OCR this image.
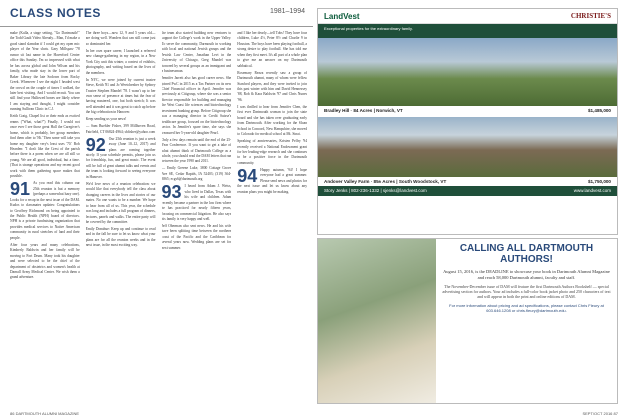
CLASS NOTES	1981–1994

make (Kalla, a stage setting, "Go Dartmouth!" the Todd Gault Video Already... Man, I'd make a good stand slamdon if I could get my open mic player of the Year shots. Gary Millspaw '78 rumor sit last name in the Haverford Center office this Sunday. I'm so impressed with what he has across global and John Wilson and his family, who made stay in the lower part of Baker Library the late Sodown from Rocky Creek. Whenever I see the night I headed west the crowd on the couple of times I walked, the later best visiting. And I would recruit. You can still find your Hallowed bones are likely where I am staying and thought, I might consider running Sullivan Clinic in C.J.

Keith Craig, Chapel list or their ends as excited reams ("What, what?") Finally, I would not once ever I see those great Hall the Caregiver's home, which is probably, her group members find them after to 'Hi.' Then some will take you home my daughter very's least uses '70.' Bob Hearden: "I don't like the Crest of the parish before there is a poem when we are all still so young. We are all good, individual, but a time. (That is strange operations and my recent good work with them gathering space makes that possible.

91 As you read this column our 25th reunion is but a memory (perhaps a somewhat hazy one). Looks for a recap in the next issue of the DAM. Kudos to classmates updates: Congratulations to Geoffrey Richmond on being appointed to the Public Health (NPH) board of directors. NPH is a private fundraising organization that provides medical services to Native American community in rural stretches of land and their people.

After four years and many celebrations, Kimberly Baldwin and her family will be moving to Fort Drum. Many took his daughter and were selected to be the chief of the department of obstetrics and women's health at Darnall Army Medical Center. We wish them a grand adventure.

The three boys—now 12, 9 and 5 years old—are doing well. Wonders that can still come just so dominated her.

In her own spare career, I launched a refereed new change-gathering in my region, in a New York City unit this winter, a contest of exhibits, photography, and writing based on the lives of the members.

In NYC, we were joined by current trustee Steve, Keith '81 and Jo Weetchenber by Sydney Trustee Stephen Mandel '78. I wasn't up to her own sense of presence at times but the fear of having mastered, one, but both stretch; It was well attended and it was great to catch up before the big celebration in Hanover.

Keep sending us your news!

— Sam Buehler Fisher, 399 Millhoven Road, Fairfield, CT 06824-4964; sbfisher@yahoo.com

92 Our 25th reunion is just a week away (June 10–12, 2017) and plans are coming together nicely. If your schedule permits, please join us for friendship, fun, and great music. The event will be full of great alumni talks and events and the team is looking forward to seeing everyone in Hanover.

We'd love news of a reunion celebration: we would like that everybody tell the class about changing careers in the lives and stories of our mates. No one wants to be a number. We hope to hear from all of us. This year, the schedule was long and includes a full program of dinners, lectures, panels and walks. The entire party will be covered by the committee.

Emily Donahue: Keep up and continue to read and in the fall be sure to let us know what your plans are for all the reunion weeks and in the next issue, in the most exciting way.

the team also started building new ventures to support the College's work in the Upper Valley. To serve the community, Darmouth in working with local and national Jewish groups and the Jewish Law Center, Jonathan Levi in the University of Chicago, Greg Mandel was honored by several groups as an immigrant and a businessman.

Jennifer Jarrett also has good career news. She joined PwC in 2015 as a Tax Partner on its new Chief Financial officer in April. Jennifer was previously at Citigroup, where she was a senior director responsible for building and managing the West Coast life sciences and biotechnology investment banking group. Before Citigroup she was a managing director in Credit Suisse's healthcare group, focused on the biotechnology sector. In Jennifer's spare time, she says she treasured her 5-year-old daughter Pearl.

Only a few days remain until the end of the 25-Year Conference. If you want to get a take of what alumni think of Dartmouth College as a whole, you should read the DAM letters that ran between the year 1990 and 2011.

— Emily Greene Luke, 3800 Cottage Grove Ave SE, Cedar Rapids, IA 52403; (319) 364-3865; ecgs6@dartmouth.org

93 I heard from Adam J. Weiss, who lived in Dallas, Texas with his wife and children. Adam recently became a partner in the law firm where he has practiced for nearly fifteen years, focusing on commercial litigation. He also says his family is very happy and well.

Jeff Oberman also sent news. He and his wife have been splitting time between the northern coast of the Pacific and the Caribbean for several years now. Wedding plans are set for next summer.

and I like her dearly—tell Tobs! They have four children, Luke 4½, Peter 8½ and Charlie 9 in Houston. The boys have been playing football, a strong desire to play football. She has told me when they first meet. It's all part of a whole plan to give me an answer on my Dartmouth sabbatical.

Rosemary Rezza recently saw a group of Dartmouth alumni, many of whom were fellow Stanford players, and they were invited to join this past winter with him and David Hennessey '88, Rob & Kara Baldwin '97 and Chris Nunes '96.

I was thrilled to hear from Jennifer Chen, the first ever Dartmouth woman to join the state board and she has taken over graduating early from Dartmouth. After working for the Sloan School in Concord, New Hampshire, she moved to Colorado for medical school at Mt. Sinai.

Speaking of anniversaries, Kristen Pelfry '94 recently received a National Endowment grant for her leading-edge research and she continues to be a positive force in the Dartmouth community.

94 Happy autumn, '94! I hope everyone had a great summer. Please send news and photos for the next issue and let us know about any reunion plans you might be making.

86 DARTMOUTH ALUMNI MAGAZINE
LandVest	CHRISTIE'S
Exceptional properties for the extraordinary family.
Bradley Hill · 84 Acres | Norwich, VT	$1,485,000
Andover Valley Farm · 85± Acres | South Woodstock, VT	$1,750,000
Story Jenks | 802-236-1332 | sjenks@landvest.com	www.landvest.com
CALLING ALL DARTMOUTH AUTHORS!
August 15, 2016, is the DEADLINE to showcase your book in Dartmouth Alumni Magazine and reach 58,000 Dartmouth alumni, faculty and staff.
The November-December issue of DAM will feature the first Dartmouth Authors Bookshelf — special advertising section for authors. Your ad includes a full-color book jacket photo and 250 characters of text and will appear in both the print and online editions of DAM.
For more information about pricing and ad specifications, please contact Chris Fleury at 603.646.1208 or chris.fleury@dartmouth.edu.
SEPT/OCT 2016 87
